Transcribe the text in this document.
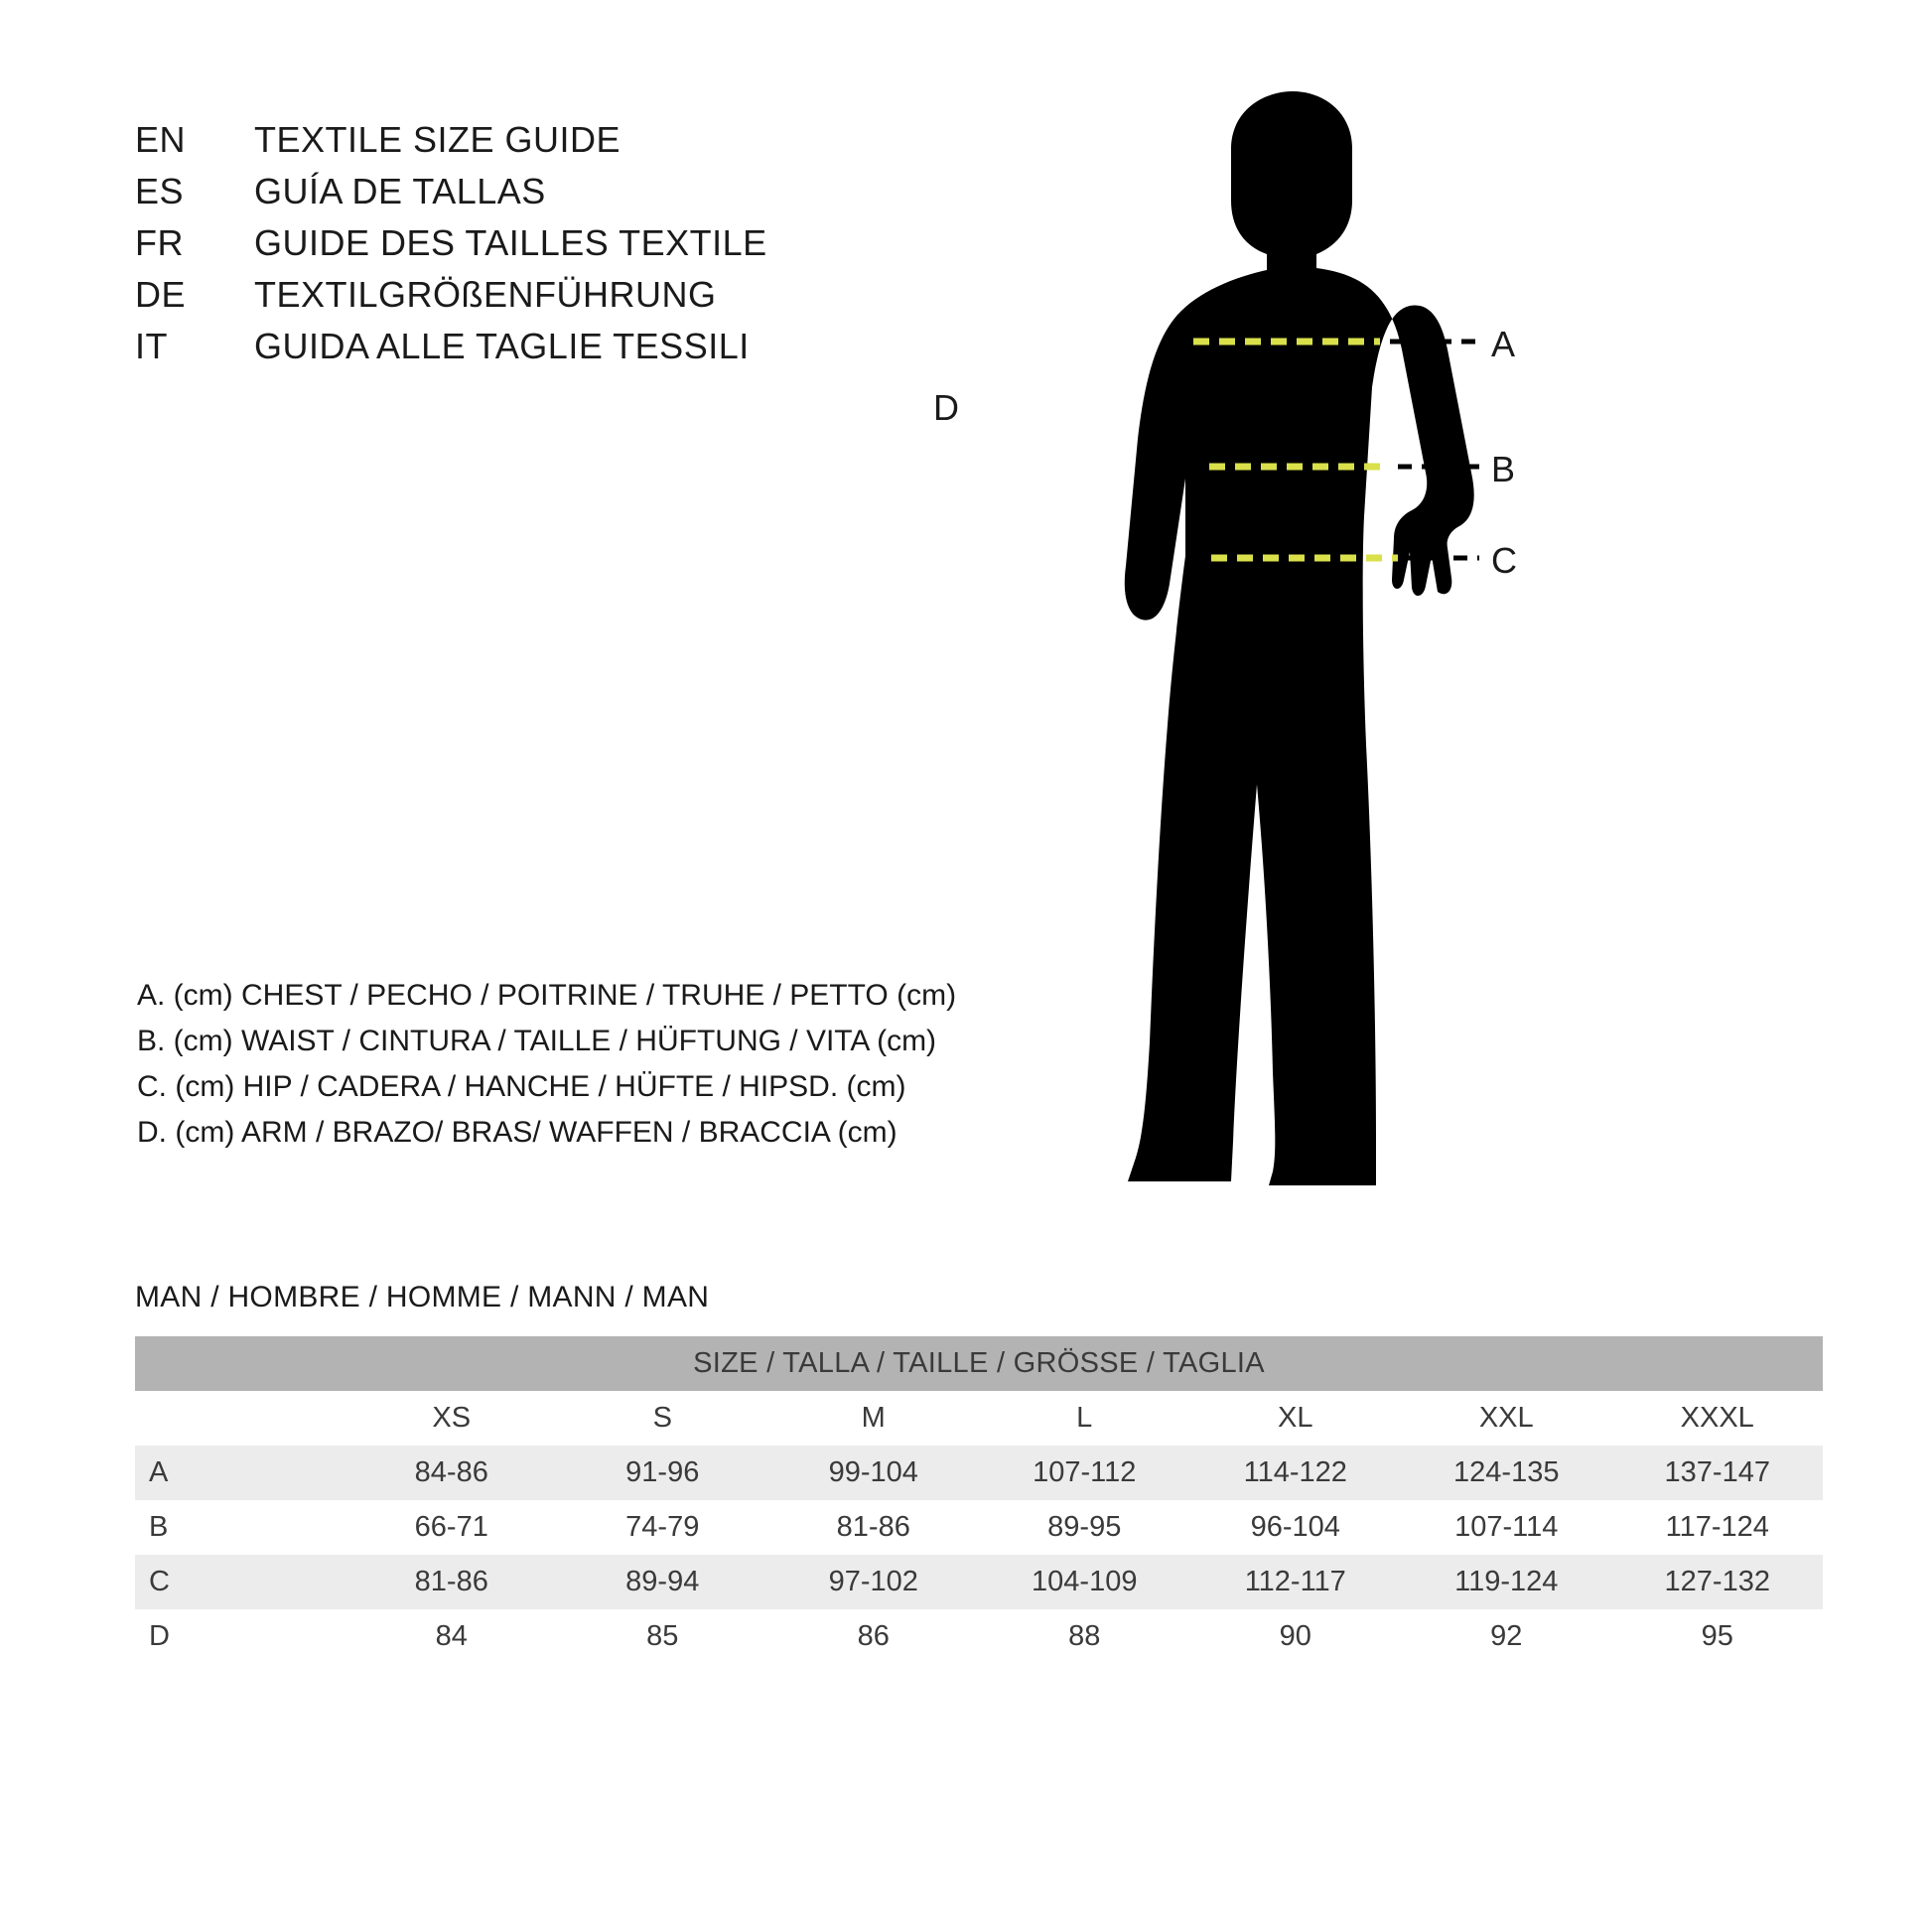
EN	TEXTILE SIZE GUIDE
ES	GUÍA DE TALLAS
FR	GUIDE DES TAILLES TEXTILE
DE	TEXTILGRÖßENFÜHRUNG
IT	GUIDA ALLE TAGLIE TESSILI
A. (cm) CHEST / PECHO / POITRINE / TRUHE / PETTO (cm)
B. (cm) WAIST / CINTURA / TAILLE / HÜFTUNG / VITA (cm)
C. (cm) HIP / CADERA / HANCHE / HÜFTE / HIPSD. (cm)
D. (cm) ARM / BRAZO/ BRAS/ WAFFEN / BRACCIA (cm)
A
B
C
D
MAN / HOMBRE / HOMME / MANN / MAN
SIZE / TALLA / TAILLE / GRÖSSE / TAGLIA							
	XS	S	M	L	XL	XXL	XXXL
A	84-86	91-96	99-104	107-112	114-122	124-135	137-147
B	66-71	74-79	81-86	89-95	96-104	107-114	117-124
C	81-86	89-94	97-102	104-109	112-117	119-124	127-132
D	84	85	86	88	90	92	95
